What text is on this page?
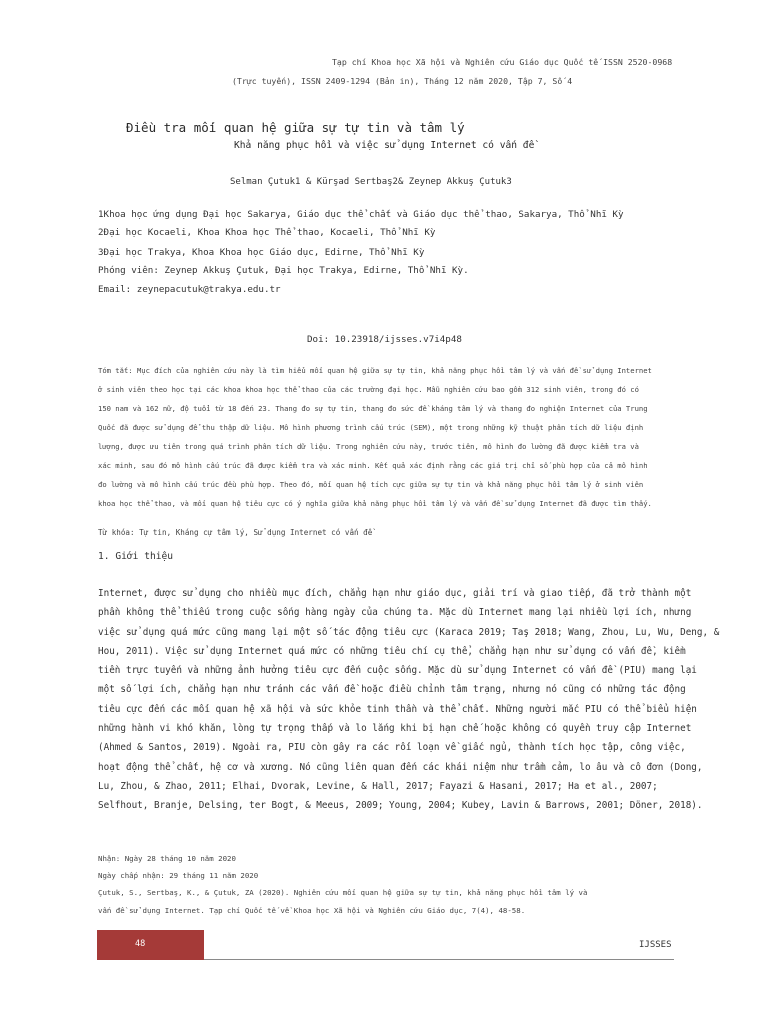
Tạp chí Khoa học Xã hội và Nghiên cứu Giáo dục Quốc tế ISSN 2520-0968
(Trực tuyến), ISSN 2409-1294 (Bản in), Tháng 12 năm 2020, Tập 7, Số 4
Điều tra mối quan hệ giữa sự tự tin và tâm lý
Khả năng phục hồi và việc sử dụng Internet có vấn đề
Selman Çutuk1 & Kürşad Sertbaş2& Zeynep Akkuş Çutuk3
1Khoa học ứng dụng Đại học Sakarya, Giáo dục thể chất và Giáo dục thể thao, Sakarya, Thổ Nhĩ Kỳ
2Đại học Kocaeli, Khoa Khoa học Thể thao, Kocaeli, Thổ Nhĩ Kỳ
3Đại học Trakya, Khoa Khoa học Giáo dục, Edirne, Thổ Nhĩ Kỳ
Phóng viên: Zeynep Akkuş Çutuk, Đại học Trakya, Edirne, Thổ Nhĩ Kỳ.
Email: zeynepacutuk@trakya.edu.tr
Doi: 10.23918/ijsses.v7i4p48
Tóm tắt: Mục đích của nghiên cứu này là tìm hiểu mối quan hệ giữa sự tự tin, khả năng phục hồi tâm lý và vấn đề sử dụng Internet
ở sinh viên theo học tại các khoa khoa học thể thao của các trường đại học. Mẫu nghiên cứu bao gồm 312 sinh viên, trong đó có
150 nam và 162 nữ, độ tuổi từ 18 đến 23. Thang đo sự tự tin, thang đo sức đề kháng tâm lý và thang đo nghiện Internet của Trung
Quốc đã được sử dụng để thu thập dữ liệu. Mô hình phương trình cấu trúc (SEM), một trong những kỹ thuật phân tích dữ liệu định
lượng, được ưu tiên trong quá trình phân tích dữ liệu. Trong nghiên cứu này, trước tiên, mô hình đo lường đã được kiểm tra và
xác minh, sau đó mô hình cấu trúc đã được kiểm tra và xác minh. Kết quả xác định rằng các giá trị chỉ số phù hợp của cả mô hình
đo lường và mô hình cấu trúc đều phù hợp. Theo đó, mối quan hệ tích cực giữa sự tự tin và khả năng phục hồi tâm lý ở sinh viên
khoa học thể thao, và mối quan hệ tiêu cực có ý nghĩa giữa khả năng phục hồi tâm lý và vấn đề sử dụng Internet đã được tìm thấy.
Từ khóa: Tự tin, Kháng cự tâm lý, Sử dụng Internet có vấn đề
1. Giới thiệu
Internet, được sử dụng cho nhiều mục đích, chẳng hạn như giáo dục, giải trí và giao tiếp, đã trở thành một
phần không thể thiếu trong cuộc sống hàng ngày của chúng ta. Mặc dù Internet mang lại nhiều lợi ích, nhưng
việc sử dụng quá mức cũng mang lại một số tác động tiêu cực (Karaca 2019; Taş 2018; Wang, Zhou, Lu, Wu, Deng, &
Hou, 2011). Việc sử dụng Internet quá mức có những tiêu chí cụ thể, chẳng hạn như sử dụng có vấn đề, kiềm
tiền trực tuyến và những ảnh hưởng tiêu cực đến cuộc sống. Mặc dù sử dụng Internet có vấn đề (PIU) mang lại
một số lợi ích, chẳng hạn như tránh các vấn đề hoặc điều chỉnh tâm trạng, nhưng nó cũng có những tác động
tiêu cực đến các mối quan hệ xã hội và sức khỏe tinh thần và thể chất. Những người mắc PIU có thể biểu hiện
những hành vi khó khăn, lòng tự trọng thấp và lo lắng khi bị hạn chế hoặc không có quyền truy cập Internet
(Ahmed & Santos, 2019). Ngoài ra, PIU còn gây ra các rối loạn về giấc ngủ, thành tích học tập, công việc,
hoạt động thể chất, hệ cơ và xương. Nó cũng liên quan đến các khái niệm như trầm cảm, lo âu và cô đơn (Dong,
Lu, Zhou, & Zhao, 2011; Elhai, Dvorak, Levine, & Hall, 2017; Fayazi & Hasani, 2017; Ha et al., 2007;
Selfhout, Branje, Delsing, ter Bogt, & Meeus, 2009; Young, 2004; Kubey, Lavin & Barrows, 2001; Döner, 2018).
Nhận: Ngày 28 tháng 10 năm 2020
Ngày chấp nhận: 29 tháng 11 năm 2020
Çutuk, S., Sertbaş, K., & Çutuk, ZA (2020). Nghiên cứu mối quan hệ giữa sự tự tin, khả năng phục hồi tâm lý và
vấn đề sử dụng Internet. Tạp chí Quốc tế về Khoa học Xã hội và Nghiên cứu Giáo dục, 7(4), 48-58.
48	IJSSES
